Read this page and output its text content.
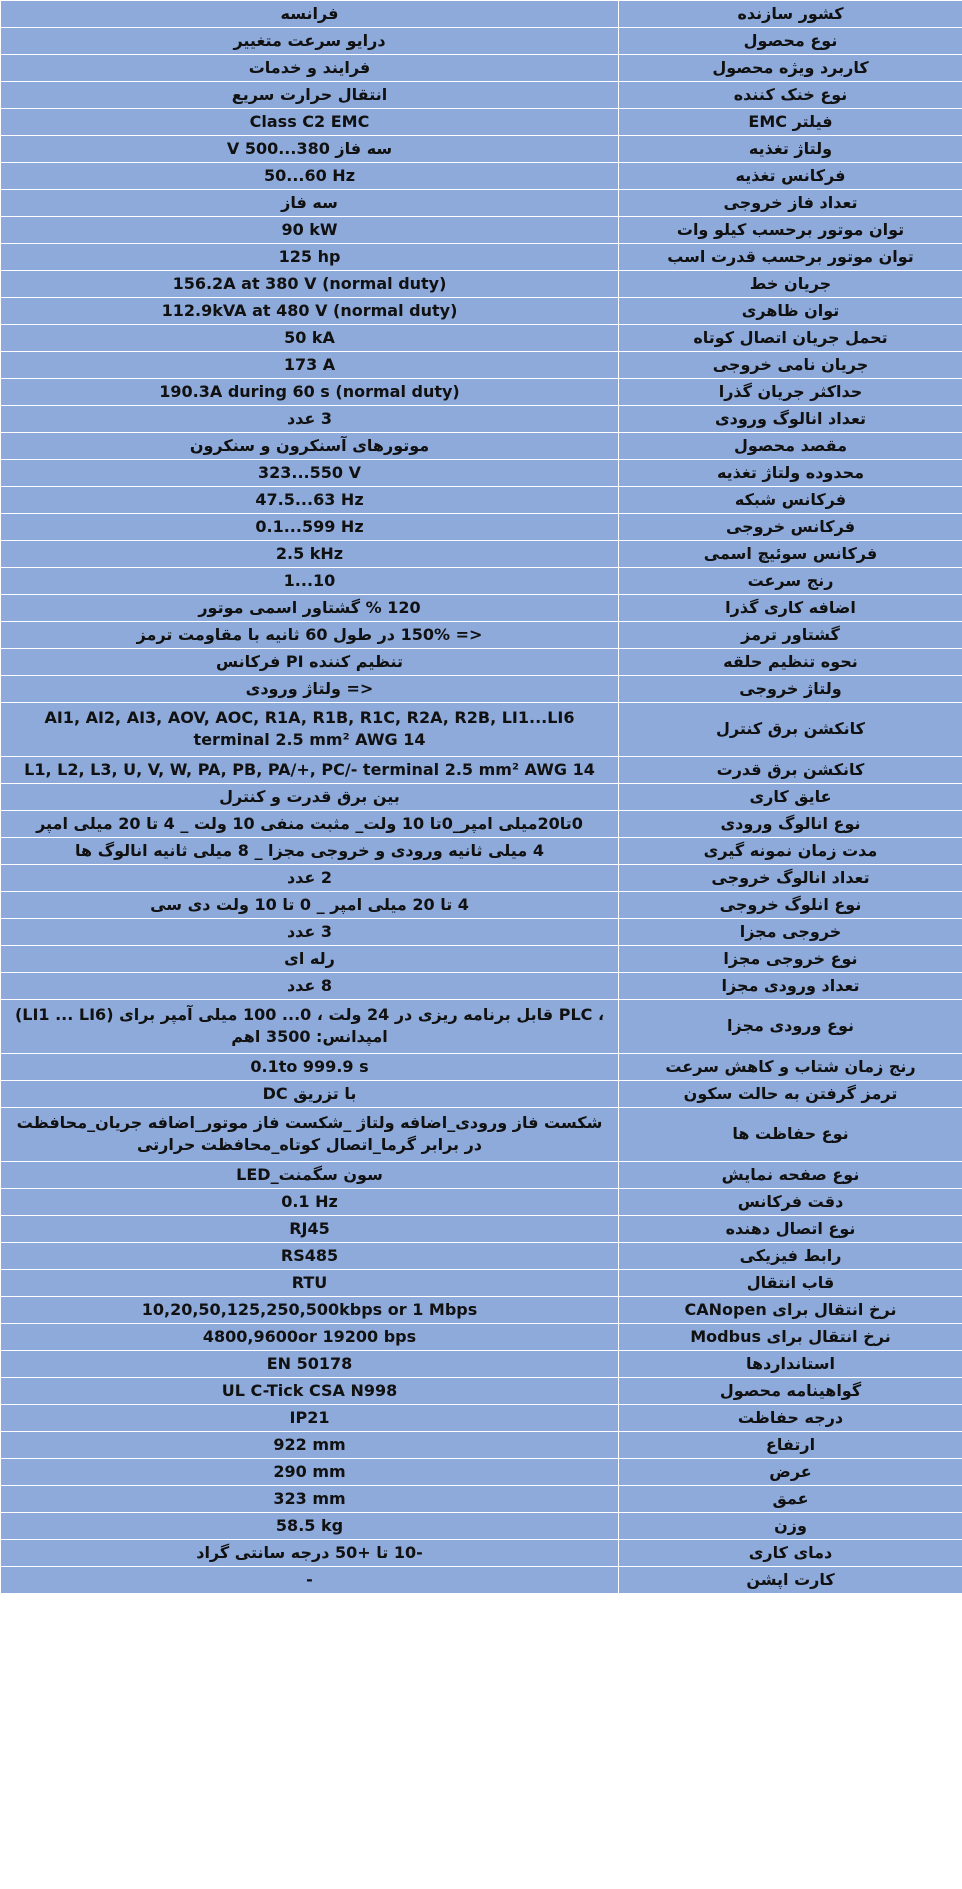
کشور سازنده	فرانسه
نوع محصول	درایو سرعت متغییر
کاربرد ویژه محصول	فرایند و خدمات
نوع خنک کننده	انتقال حرارت سریع
فیلتر EMC	Class C2 EMC
ولتاژ تغذیه	سه فاز 380...500 V
فرکانس تغذیه	50...60 Hz
تعداد فاز خروجی	سه فاز
توان موتور برحسب کیلو وات	90 kW
توان موتور برحسب قدرت اسب	125 hp
جریان خط	156.2A at 380 V (normal duty)
توان ظاهری	112.9kVA at 480 V (normal duty)
تحمل جریان اتصال کوتاه	50 kA
جریان نامی خروجی	173 A
حداکثر جریان گذرا	190.3A during 60 s (normal duty)
تعداد انالوگ ورودی	3 عدد
مقصد محصول	موتورهای آسنکرون و سنکرون
محدوده ولتاژ تغذیه	323...550 V
فرکانس شبکه	47.5...63 Hz
فرکانس خروجی	0.1...599 Hz
فرکانس سوئیچ اسمی	2.5 kHz
رنج سرعت	1...10
اضافه کاری گذرا	120 % گشتاور اسمی موتور
گشتاور ترمز	<= 150% در طول 60 ثانیه با مقاومت ترمز
نحوه تنظیم حلقه	تنظیم کننده PI فرکانس
ولتاژ خروجی	<= ولتاژ ورودی
کانکشن برق کنترل	AI1, AI2, AI3, AOV, AOC, R1A, R1B, R1C, R2A, R2B, LI1...LI6 terminal 2.5 mm² AWG 14
کانکشن برق قدرت	L1, L2, L3, U, V, W, PA, PB, PA/+, PC/- terminal 2.5 mm² AWG 14
عایق کاری	بین برق قدرت و کنترل
نوع انالوگ ورودی	0تا20میلی امپر_0تا 10 ولت_ مثبت منفی 10 ولت _ 4 تا 20 میلی امپر
مدت زمان نمونه گیری	4 میلی ثانیه ورودی و خروجی مجزا _ 8 میلی ثانیه انالوگ ها
تعداد انالوگ خروجی	2 عدد
نوع انلوگ خروجی	4 تا 20 میلی امپر _ 0 تا 10 ولت دی سی
خروجی مجزا	3 عدد
نوع خروجی مجزا	رله ای
تعداد ورودی مجزا	8 عدد
نوع ورودی مجزا	(LI1 ... LI6) قابل برنامه ریزی در 24 ولت ، 0... 100 میلی آمپر برای PLC ، امپدانس: 3500 اهم
رنج زمان شتاب و کاهش سرعت	0.1to 999.9 s
ترمز گرفتن به حالت سکون	با تزریق DC
نوع حفاظت ها	شکست فاز ورودی_اضافه ولتاژ _شکست فاز موتور_اضافه جریان_محافظت در برابر گرما_اتصال کوتاه_محافظت حرارتی
نوع صفحه نمایش	سون سگمنت_LED
دقت فرکانس	0.1 Hz
نوع اتصال دهنده	RJ45
رابط فیزیکی	RS485
قاب انتقال	RTU
نرخ انتقال برای CANopen	10,20,50,125,250,500kbps or 1 Mbps
نرخ انتقال برای Modbus	4800,9600or 19200 bps
استانداردها	EN 50178
گواهینامه محصول	UL C-Tick CSA N998
درجه حفاظت	IP21
ارتفاع	922 mm
عرض	290 mm
عمق	323 mm
وزن	58.5 kg
دمای کاری	-10 تا +50 درجه سانتی گراد
کارت اپشن	-
